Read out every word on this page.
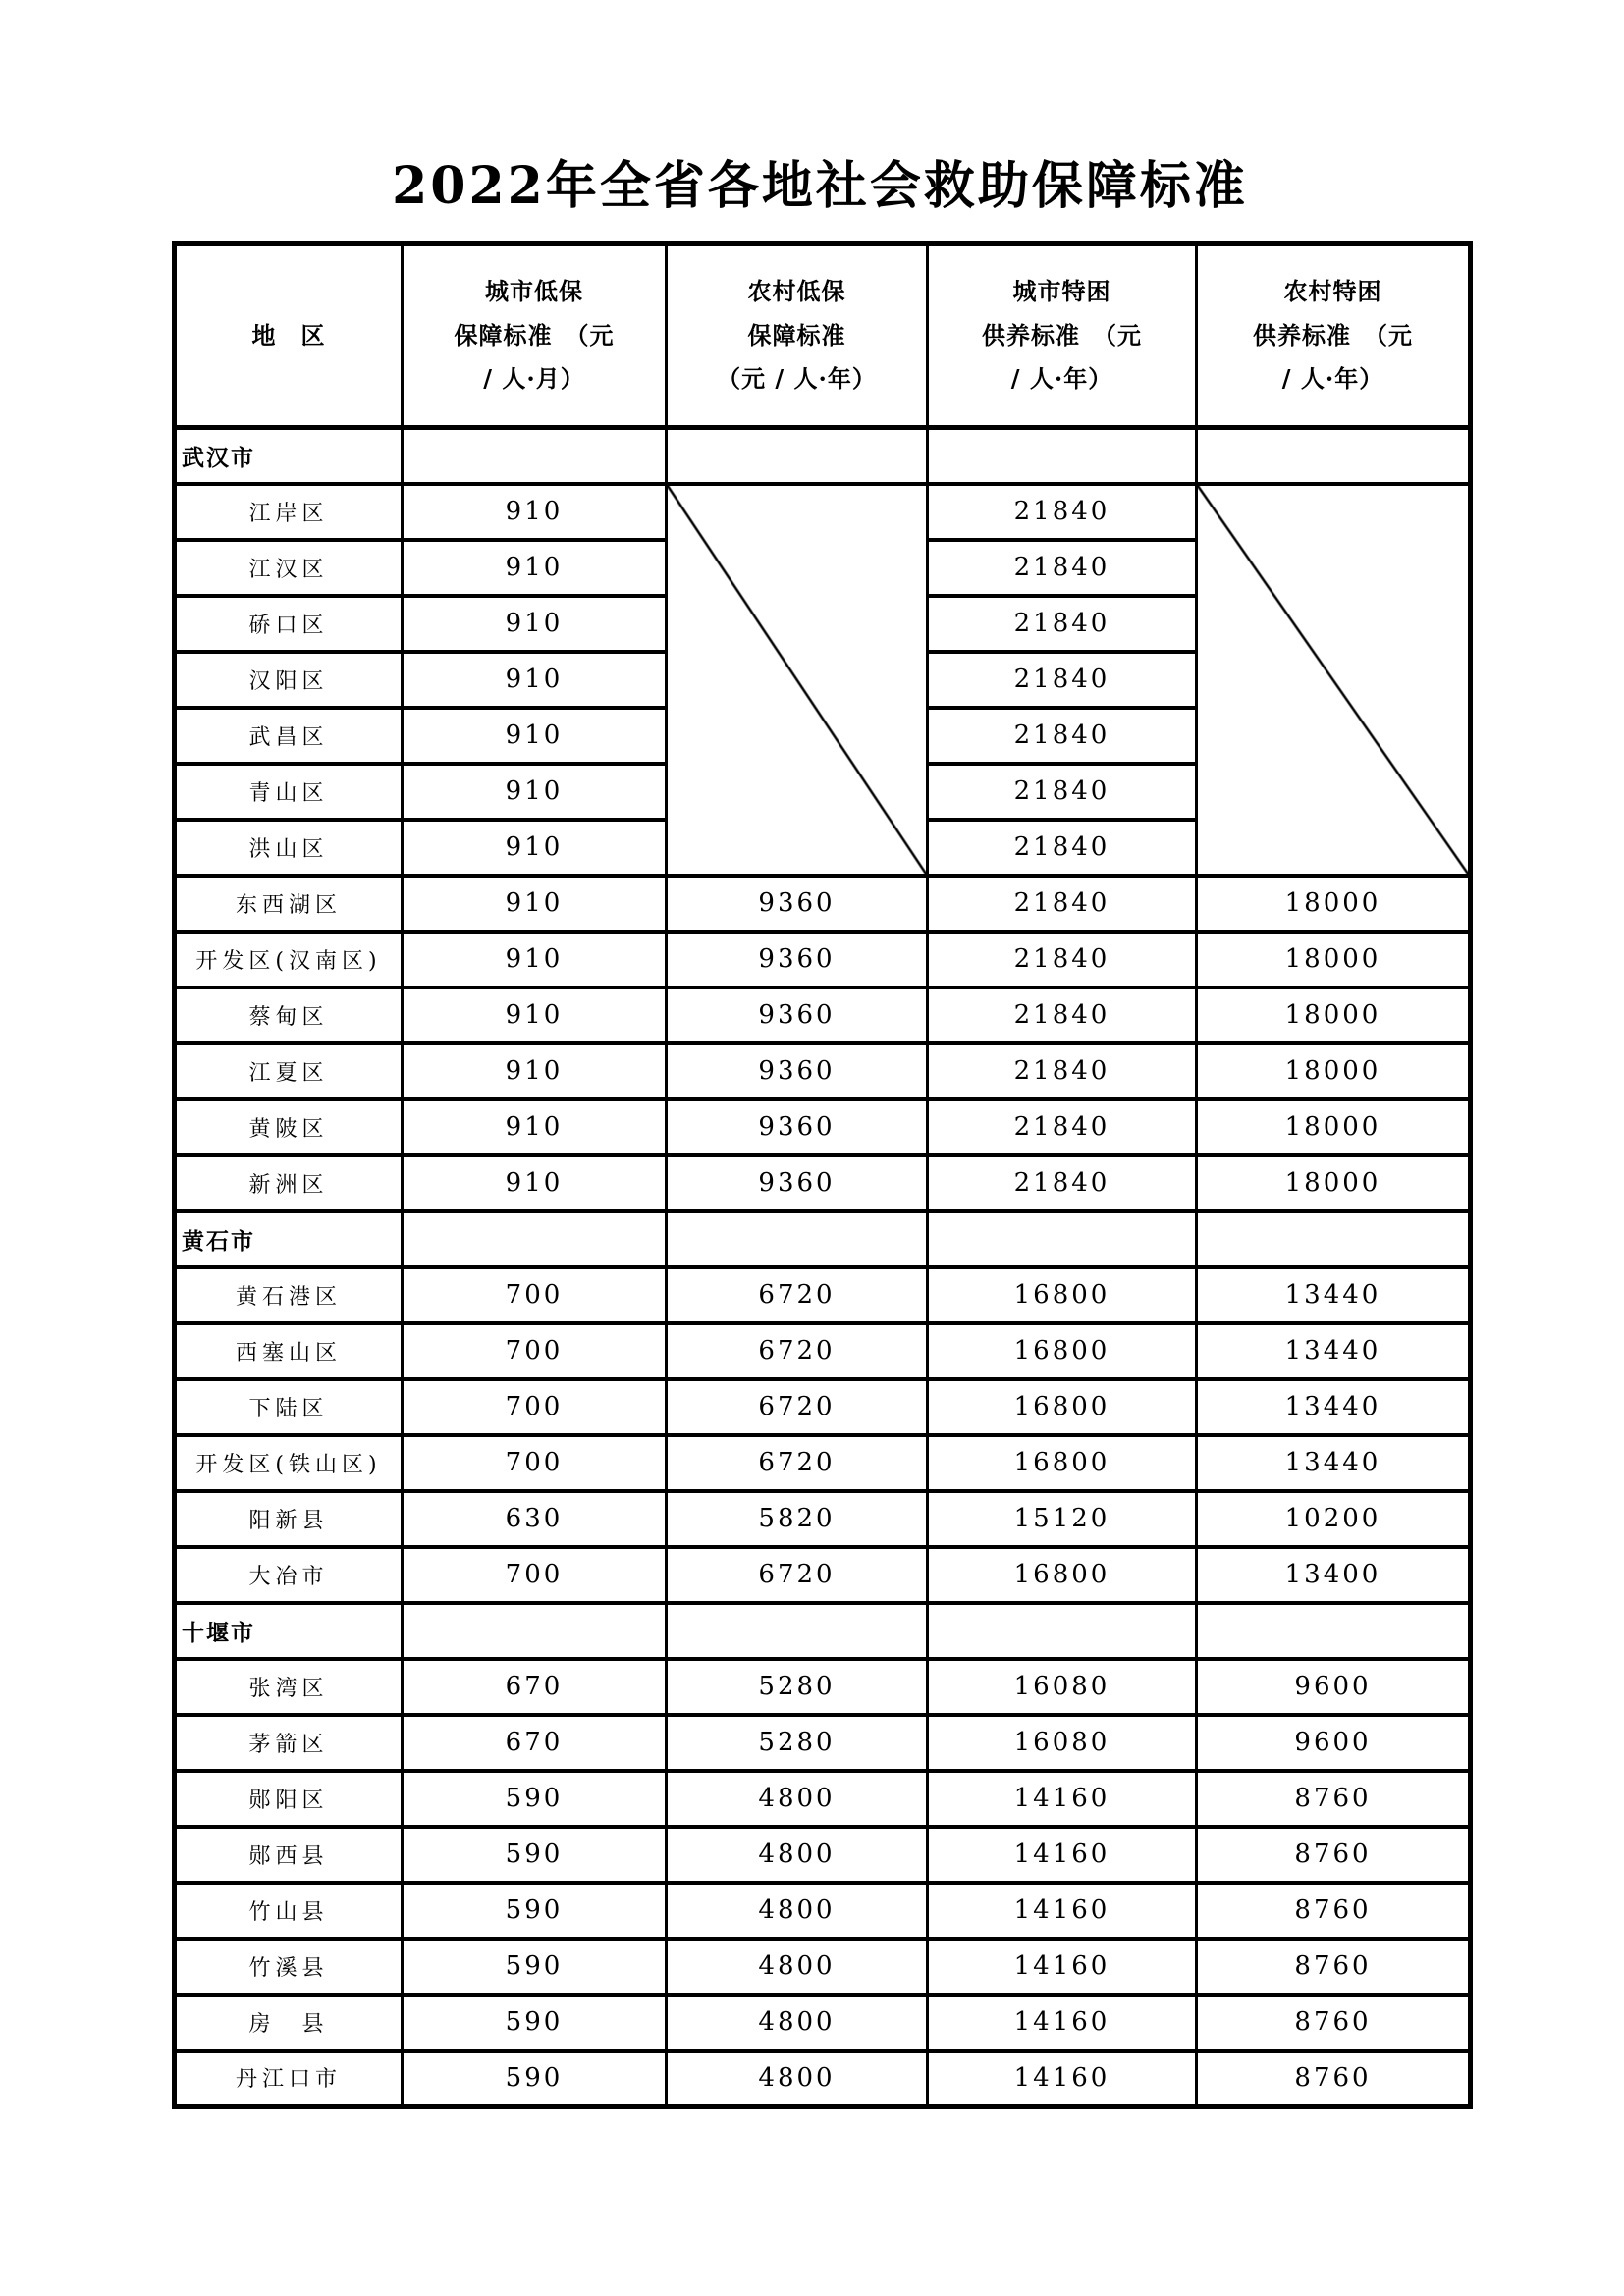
2022年全省各地社会救助保障标准
地　区	城市低保
保障标准　（元
/ 人·月）	农村低保
保障标准
（元 / 人·年）	城市特困
供养标准　（元
/ 人·年）	农村特困
供养标准　（元
/ 人·年）
武汉市				
江岸区	910		21840	

江汉区	910		21840	
硚口区	910		21840	
汉阳区	910		21840	
武昌区	910		21840	
青山区	910		21840	
洪山区	910		21840	
东西湖区	910	9360	21840	18000
开发区(汉南区)	910	9360	21840	18000
蔡甸区	910	9360	21840	18000
江夏区	910	9360	21840	18000
黄陂区	910	9360	21840	18000
新洲区	910	9360	21840	18000
黄石市				
黄石港区	700	6720	16800	13440
西塞山区	700	6720	16800	13440
下陆区	700	6720	16800	13440
开发区(铁山区)	700	6720	16800	13440
阳新县	630	5820	15120	10200
大冶市	700	6720	16800	13400
十堰市				
张湾区	670	5280	16080	9600
茅箭区	670	5280	16080	9600
郧阳区	590	4800	14160	8760
郧西县	590	4800	14160	8760
竹山县	590	4800	14160	8760
竹溪县	590	4800	14160	8760
房　县	590	4800	14160	8760
丹江口市	590	4800	14160	8760
